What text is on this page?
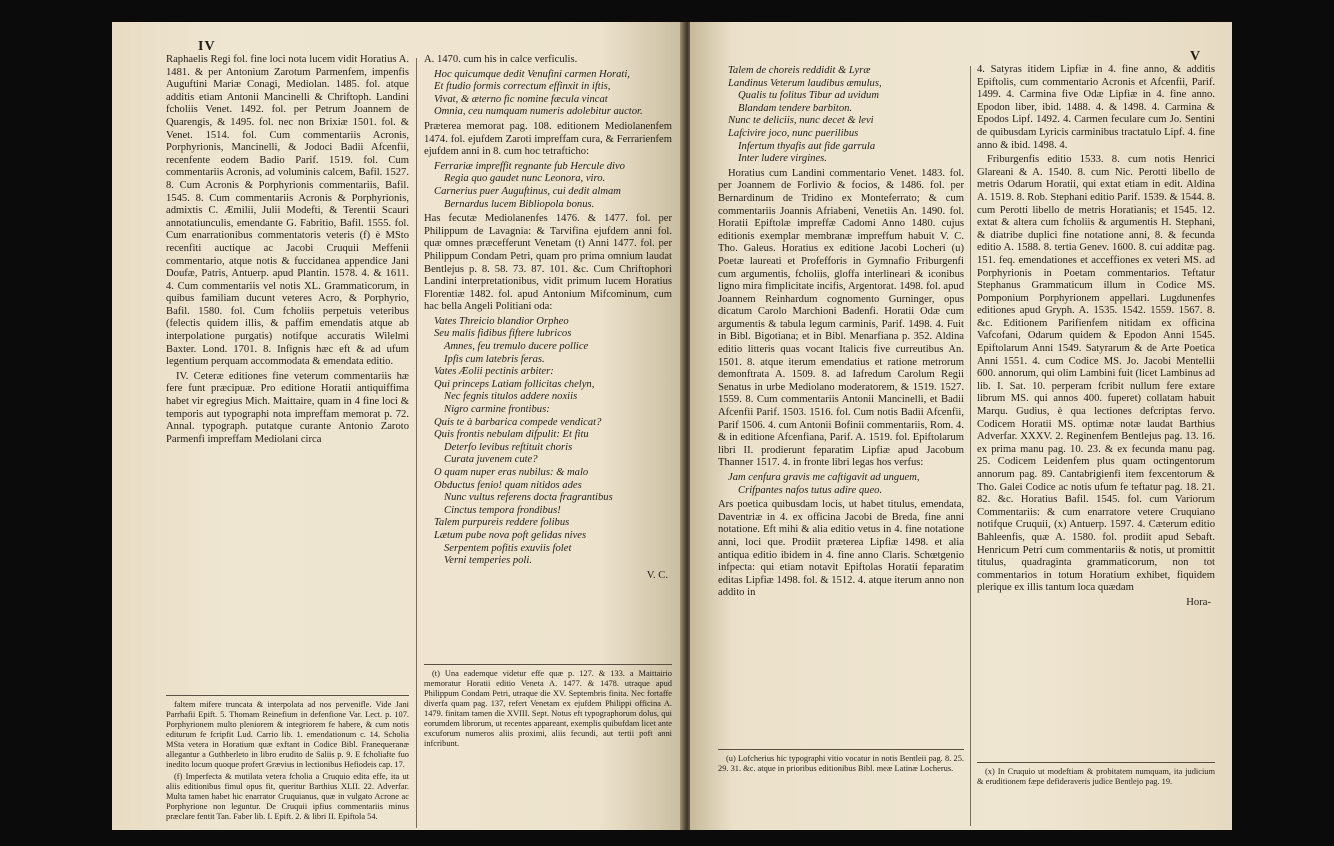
IV

Raphaelis Regi fol. fine loci nota lucem vidit Horatius A. 1481. & per Antonium Zarotum Parmenfem, impenfis Auguftini Mariæ Conagi, Mediolan. 1485. fol. atque additis etiam Antonii Mancinelli & Chriftoph. Landini fcholiis Venet. 1492. fol. per Petrum Joannem de Quarengis, & 1495. fol. nec non Brixiæ 1501. fol. & Venet. 1514. fol. Cum commentariis Acronis, Porphyrionis, Mancinelli, & Jodoci Badii Afcenfii, recenfente eodem Badio Parif. 1519. fol. Cum commentariis Acronis, ad voluminis calcem, Bafil. 1527. 8. Cum Acronis & Porphyrionis commentariis, Bafil. 1545. 8. Cum commentariis Acronis & Porphyrionis, admixtis C. Æmilii, Julii Modefti, & Terentii Scauri annotatiunculis, emendante G. Fabritio, Bafil. 1555. fol. Cum enarrationibus commentatoris veteris (f) è MSto recenfiti auctique ac Jacobi Cruquii Meffenii commentario, atque notis & fuccidanea appendice Jani Doufæ, Patris, Antuerp. apud Plantin. 1578. 4. & 1611. 4. Cum commentariis vel notis XL. Grammaticorum, in quibus familiam ducunt veteres Acro, & Porphyrio, Bafil. 1580. fol. Cum fcholiis perpetuis veteribus (felectis quidem illis, & paffim emendatis atque ab interpolatione purgatis) notifque accuratis Wilelmi Baxter. Lond. 1701. 8. Infignis hæc eft & ad ufum legentium perquam accommodata & emendata editio.

IV. Ceteræ editiones fine veterum commentariis hæ fere funt præcipuæ. Pro editione Horatii antiquiffima habet vir egregius Mich. Maittaire, quam in 4 fine loci & temporis aut typographi nota impreffam memorat p. 72. Annal. typograph. putatque curante Antonio Zaroto Parmenfi impreffam Mediolani circa

faltem mifere truncata & interpolata ad nos pervenifle. Vide Jani Parrhafii Epift. 5. Thomam Reinefium in defenfione Var. Lect. p. 107. Porphyrionem multo pleniorem & integriorem fe habere, & cum notis editurum fe fcripfit Lud. Carrio lib. 1. emendationum c. 14. Scholia MSta vetera in Horatium quæ exftant in Codice Bibl. Franequeranæ allegantur a Guthberleto in libro erudito de Saliis p. 9. E fcholiafte fuo inedito locum quoque profert Grævius in lectionibus Hefiodeis cap. 17.

(f) Imperfecta & mutilata vetera fcholia a Cruquio edita effe, ita ut aliis editionibus fimul opus fit, queritur Barthius XLII. 22. Adverfar. Multa tamen habet hic enarrator Cruquianus, quæ in vulgato Acrone ac Porphyrione non leguntur. De Cruquii ipfius commentariis minus præclare fentit Tan. Faber lib. I. Epift. 2. & libri II. Epiftola 54.

A. 1470. cum his in calce verficulis.

Hoc quicumque dedit Venufini carmen Horati,
Et ftudio formis correctum effinxit in iftis,
Vivat, & æterno fic nomine fæcula vincat
Omnia, ceu numquam numeris adolebitur auctor.

Præterea memorat pag. 108. editionem Mediolanenfem 1474. fol. ejufdem Zaroti impreffam cura, & Ferrarienfem ejufdem anni in 8. cum hoc tetrafticho:

Ferrariæ impreffit regnante fub Hercule divo
Regia quo gaudet nunc Leonora, viro.
Carnerius puer Auguftinus, cui dedit almam
Bernardus lucem Bibliopola bonus.

Has fecutæ Mediolanenfes 1476. & 1477. fol. per Philippum de Lavagnia: & Tarvifina ejufdem anni fol. quæ omnes præcefferunt Venetam (t) Anni 1477. fol. per Philippum Condam Petri, quam pro prima omnium laudat Bentlejus p. 8. 58. 73. 87. 101. &c. Cum Chriftophori Landini interpretationibus, vidit primum lucem Horatius Florentiæ 1482. fol. apud Antonium Mifcominum, cum hac bella Angeli Politiani oda:

Vates Threicio blandior Orpheo
Seu malis fidibus fiftere lubricos
Amnes, feu tremulo ducere pollice
Ipfis cum latebris feras.
Vates Æolii pectinis arbiter:
Qui princeps Latiam follicitas chelyn,
Nec fegnis titulos addere noxiis
Nigro carmine frontibus:
Quis te à barbarica compede vendicat?
Quis frontis nebulam difpulit: Et fitu
Deterfo levibus reftituit choris
Curata juvenem cute?
O quam nuper eras nubilus: & malo
Obductus fenio! quam nitidos ades
Nunc vultus referens docta fragrantibus
Cinctus tempora frondibus!
Talem purpureis reddere folibus
Lætum pube nova poft gelidas nives
Serpentem pofitis exuviis folet
Verni temperies poli.
V. C.

(t) Una eademque videtur effe quæ p. 127. & 133. a Maittairio memoratur Horatii editio Veneta A. 1477. & 1478. utraque apud Philippum Condam Petri, utraque die XV. Septembris finita. Nec fortaffe diverfa quam pag. 137, refert Venetam ex ejufdem Philippi officina A. 1479. finitam tamen die XVIII. Sept. Notus eft typographorum dolus, qui eorumdem librorum, ut recentes appareant, exemplis quibufdam licet ante excuforum numeros aliis proximi, aliis fecundi, aut tertii poft anni infcribunt.

V
Talem de choreis reddidit & Lyræ
Landinus Veterum laudibus æmulus,
Qualis tu folitus Tibur ad uvidum
Blandam tendere barbiton.
Nunc te deliciis, nunc decet & levi
Lafcivire joco, nunc puerilibus
Infertum thyafis aut fide garrula
Inter ludere virgines.

Horatius cum Landini commentario Venet. 1483. fol. per Joannem de Forlivio & focios, & 1486. fol. per Bernardinum de Tridino ex Monteferrato; & cum commentariis Joannis Afriabeni, Venetiis An. 1490. fol. Horatii Epiftolæ impreffæ Cadomi Anno 1480. cujus editionis exemplar membranæ impreffum habuit V. C. Tho. Galeus. Horatius ex editione Jacobi Locheri (u) Poetæ laureati et Profefforis in Gymnafio Friburgenfi cum argumentis, fcholiis, gloffa interlineari & iconibus ligno mira fimplicitate incifis, Argentorat. 1498. fol. apud Joannem Reinhardum cognomento Gurninger, opus dicatum Carolo Marchioni Badenfi. Horatii Odæ cum argumentis & tabula legum carminis, Parif. 1498. 4. Fuit in Bibl. Bigotiana; et in Bibl. Menarfiana p. 352. Aldina editio litteris quas vocant Italicis five curreutibus An. 1501. 8. atque iterum emendatius et ratione metrorum demonftrata A. 1509. 8. ad Iafredum Carolum Regii Senatus in urbe Mediolano moderatorem, & 1519. 1527. 1559. 8. Cum commentariis Antonii Mancinelli, et Badii Afcenfii Parif. 1503. 1516. fol. Cum notis Badii Afcenfii, Parif 1506. 4. cum Antonii Bofinii commentariis, Rom. 4. & in editione Afcenfiana, Parif. A. 1519. fol. Epiftolarum libri II. prodierunt feparatim Lipfiæ apud Jacobum Thanner 1517. 4. in fronte libri legas hos verfus:

Jam cenfura gravis me caftigavit ad unguem,
Crifpantes nafos tutus adire queo.

Ars poetica quibusdam locis, ut habet titulus, emendata, Daventriæ in 4. ex officina Jacobi de Breda, fine anni notatione. Eft mihi & alia editio vetus in 4. fine notatione anni, loci que. Prodiit præterea Lipfiæ 1498. et alia antiqua editio ibidem in 4. fine anno Claris. Schœtgenio infpecta: qui etiam notavit Epiftolas Horatii feparatim editas Lipfiæ 1498. fol. & 1512. 4. atque iterum anno non addito in

(u) Lofcherius hic typographi vitio vocatur in notis Bentleii pag. 8. 25. 29. 31. &c. atque in prioribus editionibus Bibl. meæ Latinæ Locherus.

4. Satyras itidem Lipfiæ in 4. fine anno, & additis Epiftolis, cum commentario Acronis et Afcenfii, Parif. 1499. 4. Carmina five Odæ Lipfiæ in 4. fine anno. Epodon liber, ibid. 1488. 4. & 1498. 4. Carmina & Epodos Lipf. 1492. 4. Carmen feculare cum Jo. Sentini de quibusdam Lyricis carminibus tractatulo Lipf. 4. fine anno & ibid. 1498. 4.

Friburgenfis editio 1533. 8. cum notis Henrici Glareani & A. 1540. 8. cum Nic. Perotti libello de metris Odarum Horatii, qui extat etiam in edit. Aldina A. 1519. 8. Rob. Stephani editio Parif. 1539. & 1544. 8. cum Perotti libello de metris Horatianis; et 1545. 12. extat & altera cum fcholiis & argumentis H. Stephani, & diatribe duplici fine notatione anni, 8. & fecunda editio A. 1588. 8. tertia Genev. 1600. 8. cui additæ pag. 151. feq. emendationes et acceffiones ex veteri MS. ad Porphyrionis in Poetam commentarios. Teftatur Stephanus Grammaticum illum in Codice MS. Pomponium Porphyrionem appellari. Lugdunenfes editiones apud Gryph. A. 1535. 1542. 1559. 1567. 8. &c. Editionem Parifienfem nitidam ex officina Vafcofani, Odarum quidem & Epodon Anni 1545. Epiftolarum Anni 1549. Satyrarum & de Arte Poetica Anni 1551. 4. cum Codice MS. Jo. Jacobi Mentellii 600. annorum, qui olim Lambini fuit (licet Lambinus ad lib. I. Sat. 10. perperam fcribit nullum fere extare librum MS. qui annos 400. fuperet) collatam habuit Marqu. Gudius, è qua lectiones defcriptas fervo. Codicem Horatii MS. optimæ notæ laudat Barthius Adverfar. XXXV. 2. Reginenfem Bentlejus pag. 13. 16. ex prima manu pag. 10. 23. & ex fecunda manu pag. 25. Codicem Leidenfem plus quam octingentorum annorum pag. 89. Cantabrigienfi item fexcentorum & Tho. Galei Codice ac notis ufum fe teftatur pag. 18. 21. 82. &c. Horatius Bafil. 1545. fol. cum Variorum Commentariis: & cum enarratore vetere Cruquiano notifque Cruquii, (x) Antuerp. 1597. 4. Cæterum editio Bahleenfis, quæ A. 1580. fol. prodiit apud Sebaft. Henricum Petri cum commentariis & notis, ut promittit titulus, quadraginta grammaticorum, non tot commentarios in totum Horatium exhibet, fiquidem plerique ex illis tantum loca quædam

Hora-

(x) In Cruquio ut modeftiam & probitatem numquam, ita judicium & eruditionem fæpe defideraveris judice Bentlejo pag. 19.
